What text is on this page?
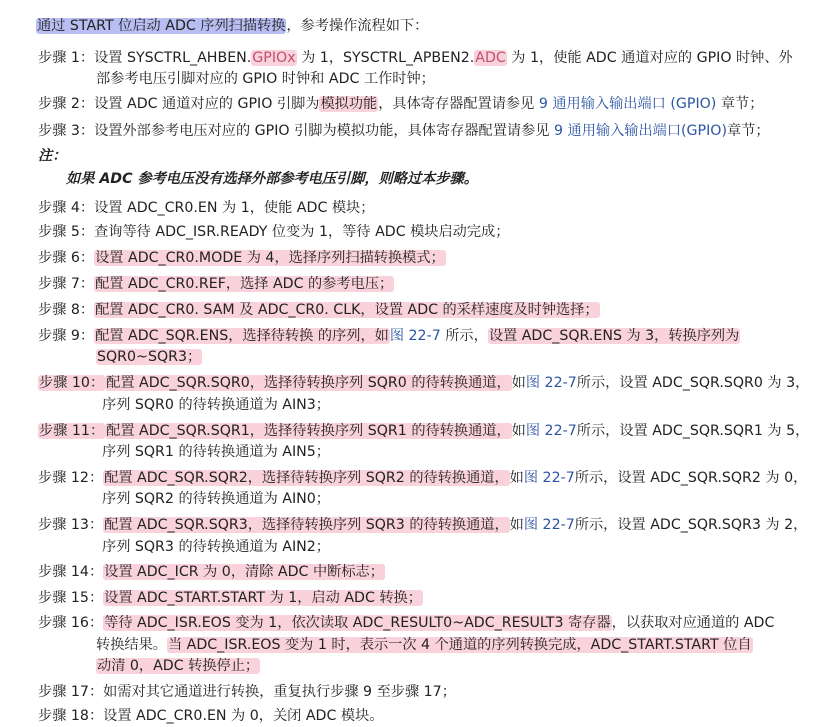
通过 START 位启动 ADC 序列扫描转换，参考操作流程如下：
步骤 1：设置 SYSCTRL_AHBEN.GPIOx 为 1，SYSCTRL_APBEN2.ADC 为 1，使能 ADC 通道对应的 GPIO 时钟、外
部参考电压引脚对应的 GPIO 时钟和 ADC 工作时钟；
步骤 2：设置 ADC 通道对应的 GPIO 引脚为模拟功能，具体寄存器配置请参见 9 通用输入输出端口 (GPIO) 章节；
步骤 3：设置外部参考电压对应的 GPIO 引脚为模拟功能，具体寄存器配置请参见 9 通用输入输出端口(GPIO)章节；
注：
如果 ADC 参考电压没有选择外部参考电压引脚，则略过本步骤。
步骤 4：设置 ADC_CR0.EN 为 1，使能 ADC 模块；
步骤 5：查询等待 ADC_ISR.READY 位变为 1，等待 ADC 模块启动完成；
步骤 6：设置 ADC_CR0.MODE 为 4，选择序列扫描转换模式；
步骤 7：配置 ADC_CR0.REF，选择 ADC 的参考电压；
步骤 8：配置 ADC_CR0. SAM 及 ADC_CR0. CLK，设置 ADC 的采样速度及时钟选择；
步骤 9：配置 ADC_SQR.ENS，选择待转换 的序列，如图 22-7 所示，设置 ADC_SQR.ENS 为 3，转换序列为
SQR0~SQR3；
步骤 10： 配置 ADC_SQR.SQR0，选择待转换序列 SQR0 的待转换通道，如图 22-7所示，设置 ADC_SQR.SQR0 为 3，
序列 SQR0 的待转换通道为 AIN3；
步骤 11： 配置 ADC_SQR.SQR1，选择待转换序列 SQR1 的待转换通道，如图 22-7所示，设置 ADC_SQR.SQR1 为 5，
序列 SQR1 的待转换通道为 AIN5；
步骤 12：配置 ADC_SQR.SQR2，选择待转换序列 SQR2 的待转换通道，如图 22-7所示，设置 ADC_SQR.SQR2 为 0，
序列 SQR2 的待转换通道为 AIN0；
步骤 13：配置 ADC_SQR.SQR3，选择待转换序列 SQR3 的待转换通道，如图 22-7所示，设置 ADC_SQR.SQR3 为 2，
序列 SQR3 的待转换通道为 AIN2；
步骤 14：设置 ADC_ICR 为 0，清除 ADC 中断标志；
步骤 15：设置 ADC_START.START 为 1，启动 ADC 转换；
步骤 16：等待 ADC_ISR.EOS 变为 1，依次读取 ADC_RESULT0~ADC_RESULT3 寄存器，以获取对应通道的 ADC
转换结果。当 ADC_ISR.EOS 变为 1 时，表示一次 4 个通道的序列转换完成，ADC_START.START 位自
动清 0，ADC 转换停止；
步骤 17：如需对其它通道进行转换，重复执行步骤 9 至步骤 17；
步骤 18：设置 ADC_CR0.EN 为 0，关闭 ADC 模块。
